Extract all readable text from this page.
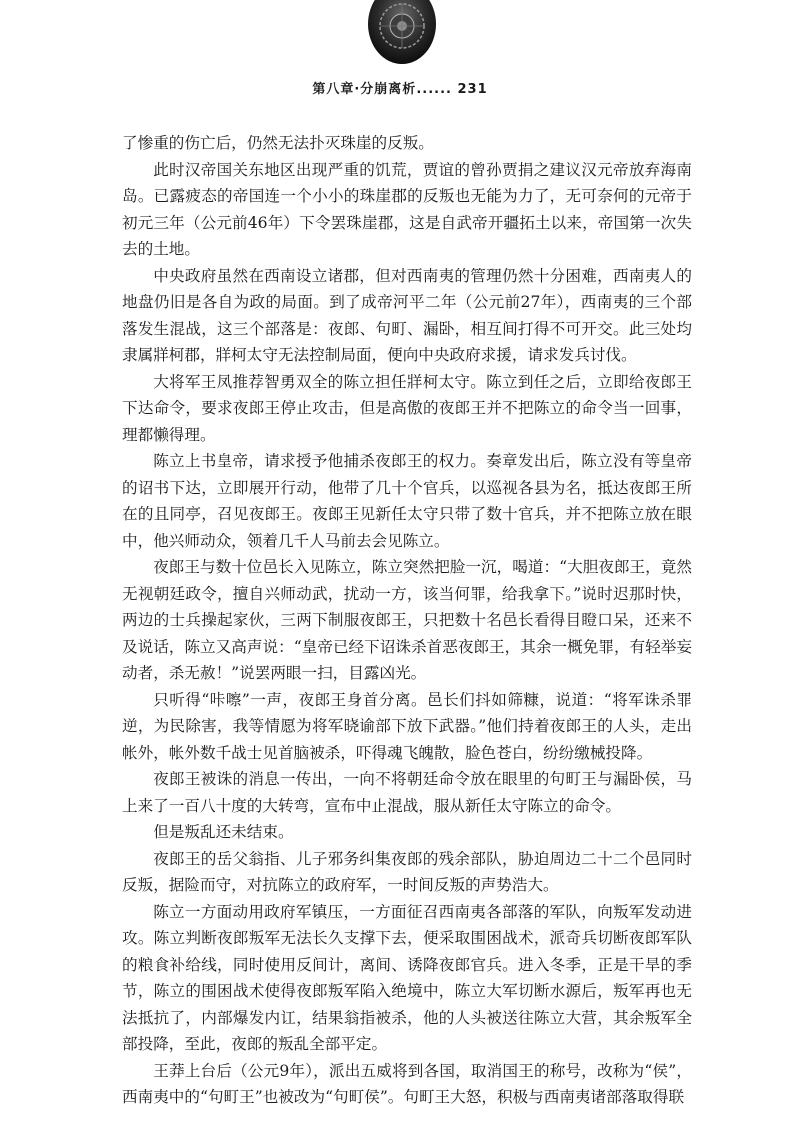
第八章·分崩离析...... 231

了惨重的伤亡后，仍然无法扑灭珠崖的反叛。

此时汉帝国关东地区出现严重的饥荒，贾谊的曾孙贾捐之建议汉元帝放弃海南岛。已露疲态的帝国连一个小小的珠崖郡的反叛也无能为力了，无可奈何的元帝于初元三年（公元前46年）下令罢珠崖郡，这是自武帝开疆拓土以来，帝国第一次失去的土地。

中央政府虽然在西南设立诸郡，但对西南夷的管理仍然十分困难，西南夷人的地盘仍旧是各自为政的局面。到了成帝河平二年（公元前27年），西南夷的三个部落发生混战，这三个部落是：夜郎、句町、漏卧，相互间打得不可开交。此三处均隶属牂柯郡，牂柯太守无法控制局面，便向中央政府求援，请求发兵讨伐。

大将军王凤推荐智勇双全的陈立担任牂柯太守。陈立到任之后，立即给夜郎王下达命令，要求夜郎王停止攻击，但是高傲的夜郎王并不把陈立的命令当一回事，理都懒得理。

陈立上书皇帝，请求授予他捕杀夜郎王的权力。奏章发出后，陈立没有等皇帝的诏书下达，立即展开行动，他带了几十个官兵，以巡视各县为名，抵达夜郎王所在的且同亭，召见夜郎王。夜郎王见新任太守只带了数十官兵，并不把陈立放在眼中，他兴师动众，领着几千人马前去会见陈立。

夜郎王与数十位邑长入见陈立，陈立突然把脸一沉，喝道：“大胆夜郎王，竟然无视朝廷政令，擅自兴师动武，扰动一方，该当何罪，给我拿下。”说时迟那时快，两边的士兵操起家伙，三两下制服夜郎王，只把数十名邑长看得目瞪口呆，还来不及说话，陈立又高声说：“皇帝已经下诏诛杀首恶夜郎王，其余一概免罪，有轻举妄动者，杀无赦！”说罢两眼一扫，目露凶光。

只听得“咔嚓”一声，夜郎王身首分离。邑长们抖如筛糠，说道：“将军诛杀罪逆，为民除害，我等情愿为将军晓谕部下放下武器。”他们持着夜郎王的人头，走出帐外，帐外数千战士见首脑被杀，吓得魂飞魄散，脸色苍白，纷纷缴械投降。

夜郎王被诛的消息一传出，一向不将朝廷命令放在眼里的句町王与漏卧侯，马上来了一百八十度的大转弯，宣布中止混战，服从新任太守陈立的命令。

但是叛乱还未结束。

夜郎王的岳父翁指、儿子邪务纠集夜郎的残余部队，胁迫周边二十二个邑同时反叛，据险而守，对抗陈立的政府军，一时间反叛的声势浩大。

陈立一方面动用政府军镇压，一方面征召西南夷各部落的军队，向叛军发动进攻。陈立判断夜郎叛军无法长久支撑下去，便采取围困战术，派奇兵切断夜郎军队的粮食补给线，同时使用反间计，离间、诱降夜郎官兵。进入冬季，正是干旱的季节，陈立的围困战术使得夜郎叛军陷入绝境中，陈立大军切断水源后，叛军再也无法抵抗了，内部爆发内讧，结果翁指被杀，他的人头被送往陈立大营，其余叛军全部投降，至此，夜郎的叛乱全部平定。

王莽上台后（公元9年），派出五威将到各国，取消国王的称号，改称为“侯”，西南夷中的“句町王”也被改为“句町侯”。句町王大怒，积极与西南夷诸部落取得联
